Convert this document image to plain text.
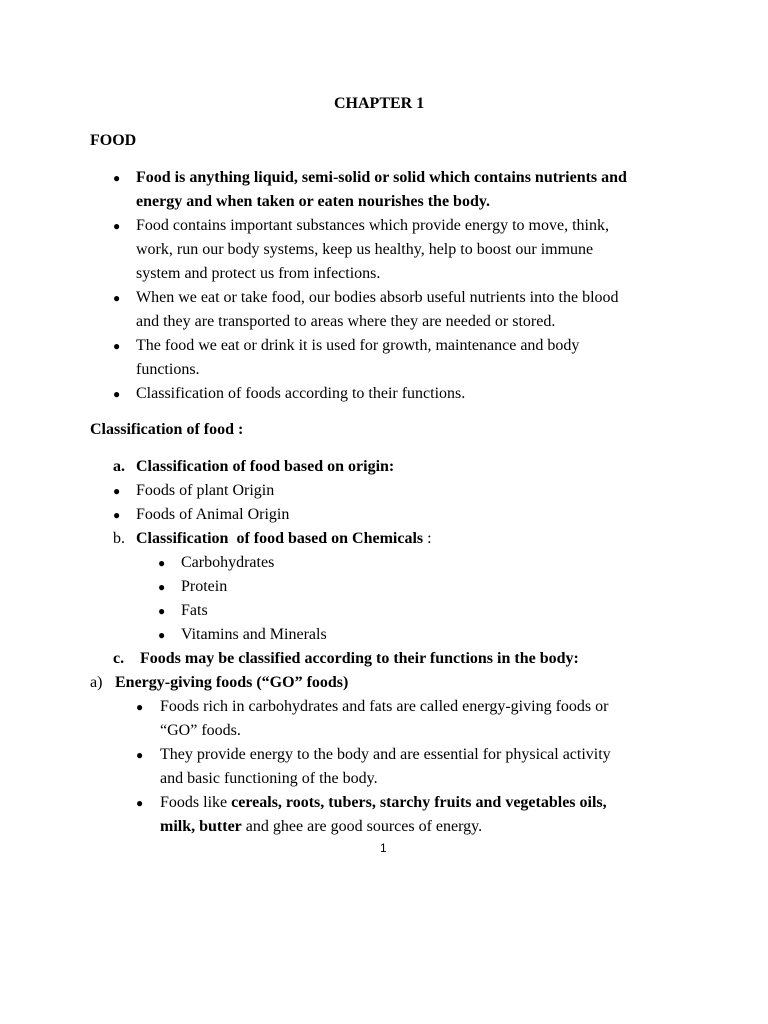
CHAPTER 1
FOOD
● Food is anything liquid, semi-solid or solid which contains nutrients and
energy and when taken or eaten nourishes the body.
● Food contains important substances which provide energy to move, think,
work, run our body systems, keep us healthy, help to boost our immune
system and protect us from infections.
● When we eat or take food, our bodies absorb useful nutrients into the blood
and they are transported to areas where they are needed or stored.
● The food we eat or drink it is used for growth, maintenance and body
functions.
● Classification of foods according to their functions.
Classification of food :
a. Classification of food based on origin:
● Foods of plant Origin
● Foods of Animal Origin
b. Classification  of food based on Chemicals :
● Carbohydrates
● Protein
● Fats
● Vitamins and Minerals
c. Foods may be classified according to their functions in the body:
a) Energy-giving foods (“GO” foods)
● Foods rich in carbohydrates and fats are called energy-giving foods or
“GO” foods.
● They provide energy to the body and are essential for physical activity
and basic functioning of the body.
● Foods like cereals, roots, tubers, starchy fruits and vegetables oils,
milk, butter and ghee are good sources of energy.
1
